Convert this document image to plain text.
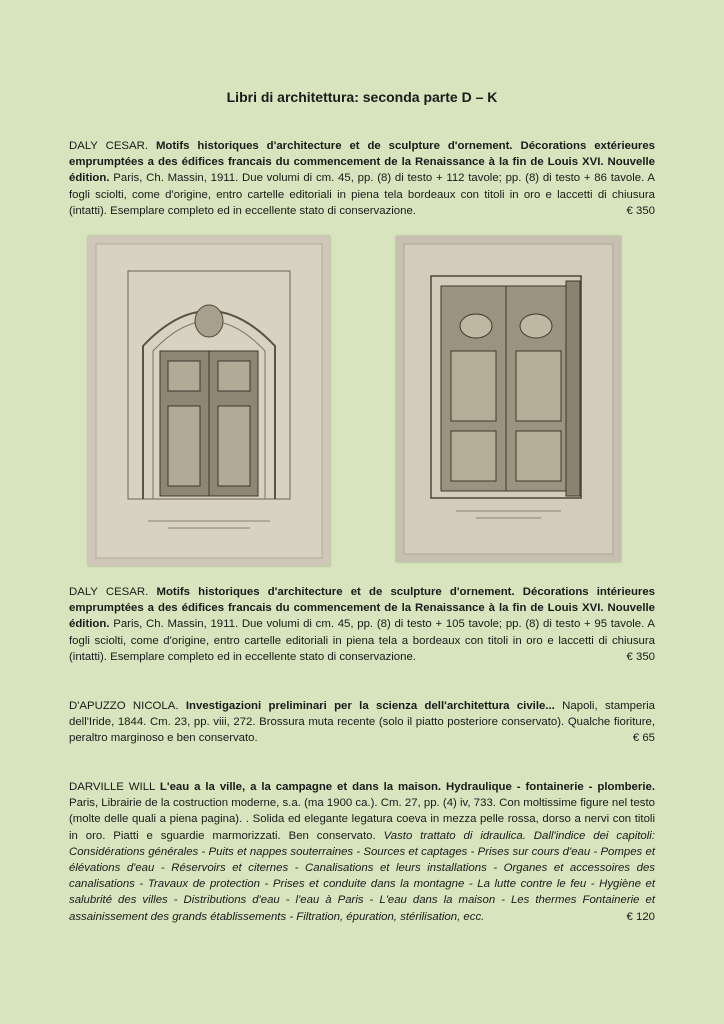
Libri di architettura: seconda parte D – K
DALY CESAR. Motifs historiques d'architecture et de sculpture d'ornement. Décorations extérieures emprumptées a des édifices francais du commencement de la Renaissance à la fin de Louis XVI. Nouvelle édition. Paris, Ch. Massin, 1911. Due volumi di cm. 45, pp. (8) di testo + 112 tavole; pp. (8) di testo + 86 tavole. A fogli sciolti, come d'origine, entro cartelle editoriali in piena tela bordeaux con titoli in oro e laccetti di chiusura (intatti). Esemplare completo ed in eccellente stato di conservazione.	€ 350
DALY CESAR. Motifs historiques d'architecture et de sculpture d'ornement. Décorations intérieures emprumptées a des édifices francais du commencement de la Renaissance à la fin de Louis XVI. Nouvelle édition. Paris, Ch. Massin, 1911. Due volumi di cm. 45, pp. (8) di testo + 105 tavole; pp. (8) di testo + 95 tavole. A fogli sciolti, come d'origine, entro cartelle editoriali in piena tela a bordeaux con titoli in oro e laccetti di chiusura (intatti). Esemplare completo ed in eccellente stato di conservazione.	€ 350
D'APUZZO NICOLA. Investigazioni preliminari per la scienza dell'architettura civile... Napoli, stamperia dell'Iride, 1844. Cm. 23, pp. viii, 272. Brossura muta recente (solo il piatto posteriore conservato). Qualche fioriture, peraltro marginoso e ben conservato.	€ 65
DARVILLE WILL L'eau a la ville, a la campagne et dans la maison. Hydraulique - fontainerie - plomberie. Paris, Librairie de la costruction moderne, s.a. (ma 1900 ca.). Cm. 27, pp. (4) iv, 733. Con moltissime figure nel testo (molte delle quali a piena pagina). . Solida ed elegante legatura coeva in mezza pelle rossa, dorso a nervi con titoli in oro. Piatti e sguardie marmorizzati. Ben conservato. Vasto trattato di idraulica. Dall'indice dei capitoli: Considérations générales - Puits et nappes souterraines - Sources et captages - Prises sur cours d'eau - Pompes et élévations d'eau - Réservoirs et citernes - Canalisations et leurs installations - Organes et accessoires des canalisations - Travaux de protection - Prises et conduite dans la montagne - La lutte contre le feu - Hygiène et salubrité des villes - Distributions d'eau - l'eau à Paris - L'eau dans la maison - Les thermes Fontainerie et assainissement des grands établissements - Filtration, épuration, stérilisation, ecc.	€ 120
